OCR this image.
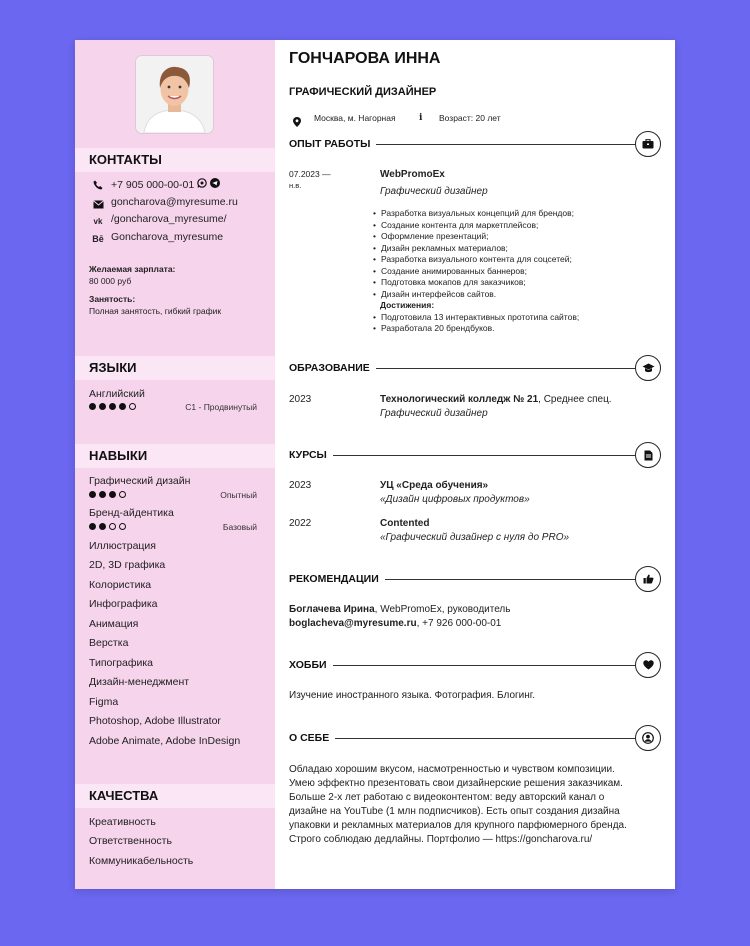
КОНТАКТЫ
+7 905 000-00-01
goncharova@myresume.ru
vk /goncharova_myresume/
Bē Goncharova_myresume
Желаемая зарплата:
80 000 руб
Занятость:
Полная занятость, гибкий график
ЯЗЫКИ
Английский
C1 - Продвинутый
НАВЫКИ
Графический дизайн
Опытный
Бренд-айдентика
Базовый
Иллюстрация
2D, 3D графика
Колористика
Инфографика
Анимация
Верстка
Типографика
Дизайн-менеджмент
Figma
Photoshop, Adobe Illustrator
Adobe Animate, Adobe InDesign
КАЧЕСТВА
Креативность
Ответственность
Коммуникабельность
ГОНЧАРОВА ИННА
ГРАФИЧЕСКИЙ ДИЗАЙНЕР
Москва, м. Нагорная	i Возраст: 20 лет
ОПЫТ РАБОТЫ
07.2023 —
н.в.
WebPromoEx
Графический дизайнер
• Разработка визуальных концепций для брендов;
• Создание контента для маркетплейсов;
• Оформление презентаций;
• Дизайн рекламных материалов;
• Разработка визуального контента для соцсетей;
• Создание анимированных баннеров;
• Подготовка мокапов для заказчиков;
• Дизайн интерфейсов сайтов.
Достижения:
• Подготовила 13 интерактивных прототипа сайтов;
• Разработала 20 брендбуков.
ОБРАЗОВАНИЕ
2023	Технологический колледж № 21, Среднее спец.
Графический дизайнер
КУРСЫ
2023	УЦ «Среда обучения»
«Дизайн цифровых продуктов»
2022	Contented
«Графический дизайнер с нуля до PRO»
РЕКОМЕНДАЦИИ
Боглачева Ирина, WebPromoEx, руководитель
boglacheva@myresume.ru, +7 926 000-00-01
ХОББИ
Изучение иностранного языка. Фотография. Блогинг.
О СЕБЕ
Обладаю хорошим вкусом, насмотренностью и чувством композиции.
Умею эффектно презентовать свои дизайнерские решения заказчикам.
Больше 2-х лет работаю с видеоконтентом: веду авторский канал о
дизайне на YouTube (1 млн подписчиков). Есть опыт создания дизайна
упаковки и рекламных материалов для крупного парфюмерного бренда.
Строго соблюдаю дедлайны. Портфолио — https://goncharova.ru/
